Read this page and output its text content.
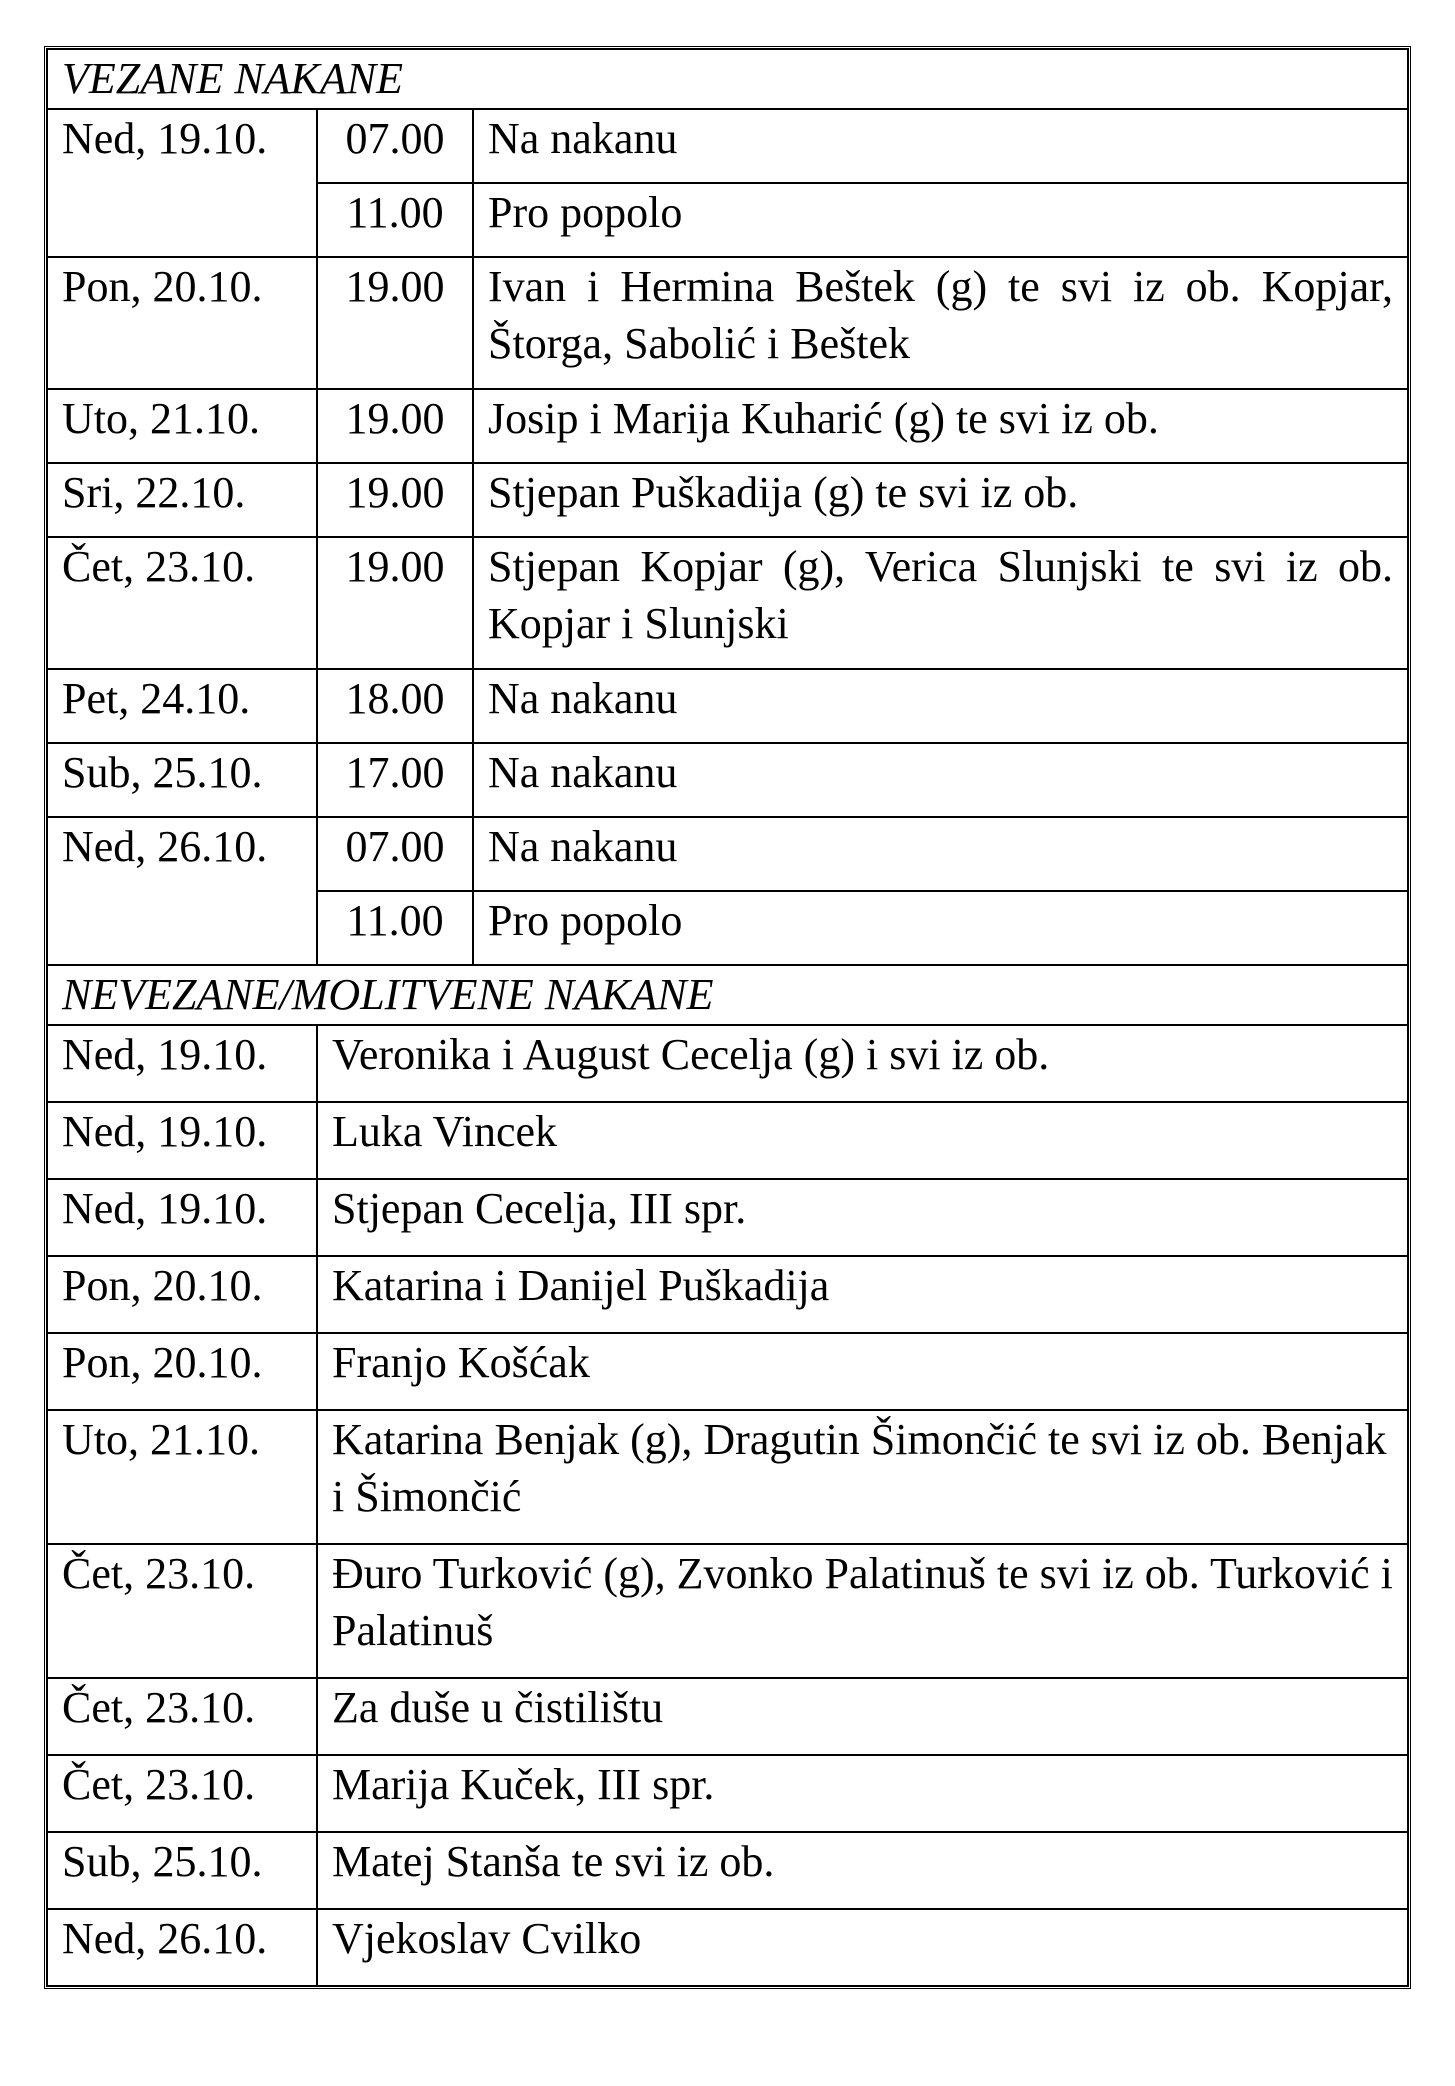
VEZANE NAKANE		
Ned, 19.10.	07.00	Na nakanu
	11.00	Pro popolo
Pon, 20.10.	19.00	Ivan i Hermina Beštek (g) te svi iz ob. Kopjar, Štorga, Sabolić i Beštek
Uto, 21.10.	19.00	Josip i Marija Kuharić (g) te svi iz ob.
Sri, 22.10.	19.00	Stjepan Puškadija (g) te svi iz ob.
Čet, 23.10.	19.00	Stjepan Kopjar (g), Verica Slunjski te svi iz ob. Kopjar i Slunjski
Pet, 24.10.	18.00	Na nakanu
Sub, 25.10.	17.00	Na nakanu
Ned, 26.10.	07.00	Na nakanu
	11.00	Pro popolo
NEVEZANE/MOLITVENE NAKANE		
Ned, 19.10.	Veronika i August Cecelja (g) i svi iz ob.	
Ned, 19.10.	Luka Vincek	
Ned, 19.10.	Stjepan Cecelja, III spr.	
Pon, 20.10.	Katarina i Danijel Puškadija	
Pon, 20.10.	Franjo Košćak	
Uto, 21.10.	Katarina Benjak (g), Dragutin Šimončić te svi iz ob. Benjak i Šimončić	
Čet, 23.10.	Đuro Turković (g), Zvonko Palatinuš te svi iz ob. Turković i Palatinuš	
Čet, 23.10.	Za duše u čistilištu	
Čet, 23.10.	Marija Kuček, III spr.	
Sub, 25.10.	Matej Stanša te svi iz ob.	
Ned, 26.10.	Vjekoslav Cvilko	
